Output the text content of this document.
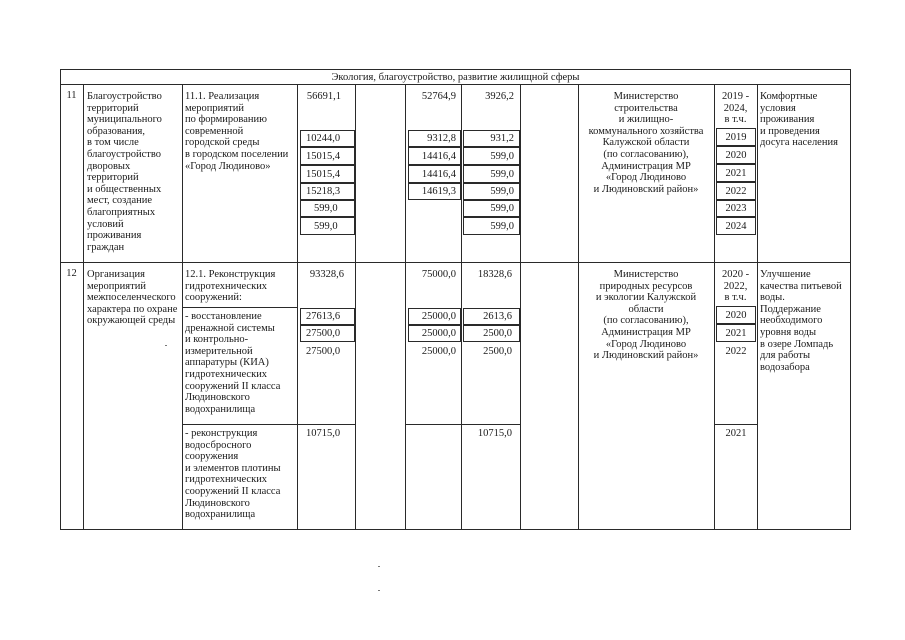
Экология, благоустройство, развитие жилищной сферы
11 Благоустройство
территорий
муниципального
образования,
в том числе
благоустройство
дворовых
территорий
и общественных
мест, создание
благоприятных
условий
проживания
граждан
11.1. Реализация
мероприятий
по формированию
современной
городской среды
в городском поселении
«Город Людиново»
56691,1
10244,0
15015,4
15015,4
15218,3
599,0
599,0
52764,9
9312,8
14416,4
14416,4
14619,3
3926,2
931,2
599,0
599,0
599,0
599,0
599,0
Министерство
строительства
и жилищно-
коммунального хозяйства
Калужской области
(по согласованию),
Администрация МР
«Город Людиново
и Людиновский район»
2019 -
2024,
в т.ч.
2019
2020
2021
2022
2023
2024
Комфортные
условия
проживания
и проведения
досуга населения
12 Организация
мероприятий
межпоселенческого
характера по охране
окружающей среды
12.1. Реконструкция
гидротехнических
сооружений:
- восстановление
дренажной системы
и контрольно-
измерительной
аппаратуры (КИА)
гидротехнических
сооружений II класса
Людиновского
водохранилища
- реконструкция
водосбросного
сооружения
и элементов плотины
гидротехнических
сооружений II класса
Людиновского
водохранилища
93328,6
27613,6
27500,0
27500,0
10715,0
75000,0
25000,0
25000,0
25000,0
18328,6
2613,6
2500,0
2500,0
10715,0
Министерство
природных ресурсов
и экологии Калужской
области
(по согласованию),
Администрация МР
«Город Людиново
и Людиновский район»
2020 -
2022,
в т.ч.
2020
2021
2022
2021
Улучшение
качества питьевой
воды.
Поддержание
необходимого
уровня воды
в озере Ломпадь
для работы
водозабора
